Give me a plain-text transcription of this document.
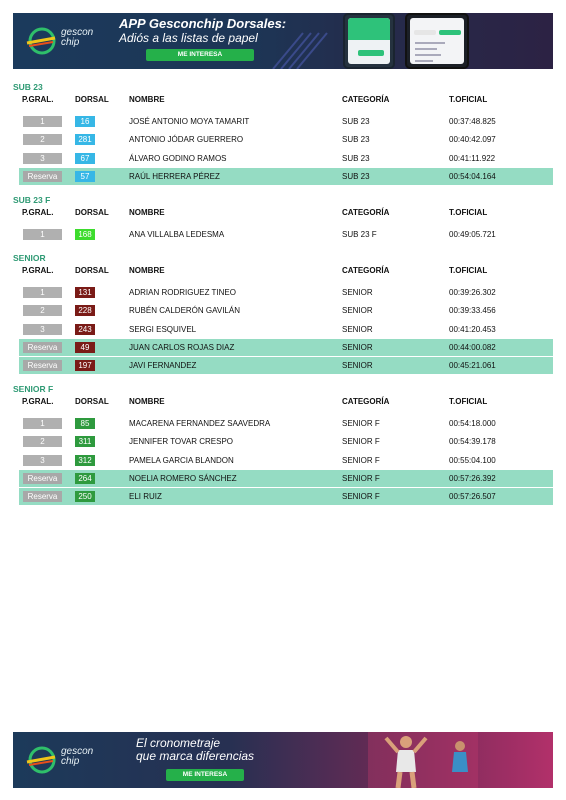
gescon
chip
APP Gesconchip Dorsales:
Adiós a las listas de papel
ME INTERESA
SUB 23
P.GRAL.	DORSAL	NOMBRE	CATEGORÍA	T.OFICIAL
1	16	JOSÉ ANTONIO MOYA TAMARIT	SUB 23	00:37:48.825
2	281	ANTONIO JÓDAR GUERRERO	SUB 23	00:40:42.097
3	67	ÁLVARO GODINO RAMOS	SUB 23	00:41:11.922
Reserva	57	RAÚL HERRERA PÉREZ	SUB 23	00:54:04.164
SUB 23 F
P.GRAL.	DORSAL	NOMBRE	CATEGORÍA	T.OFICIAL
1	168	ANA VILLALBA LEDESMA	SUB 23 F	00:49:05.721
SENIOR
P.GRAL.	DORSAL	NOMBRE	CATEGORÍA	T.OFICIAL
1	131	ADRIAN RODRIGUEZ TINEO	SENIOR	00:39:26.302
2	228	RUBÉN CALDERÓN GAVILÁN	SENIOR	00:39:33.456
3	243	SERGI ESQUIVEL	SENIOR	00:41:20.453
Reserva	49	JUAN CARLOS ROJAS DIAZ	SENIOR	00:44:00.082
Reserva	197	JAVI FERNANDEZ	SENIOR	00:45:21.061
SENIOR F
P.GRAL.	DORSAL	NOMBRE	CATEGORÍA	T.OFICIAL
1	85	MACARENA FERNANDEZ SAAVEDRA	SENIOR F	00:54:18.000
2	311	JENNIFER TOVAR CRESPO	SENIOR F	00:54:39.178
3	312	PAMELA GARCIA BLANDON	SENIOR F	00:55:04.100
Reserva	264	NOELIA ROMERO SÁNCHEZ	SENIOR F	00:57:26.392
Reserva	250	ELI RUIZ	SENIOR F	00:57:26.507
gescon
chip
El cronometraje
que marca diferencias
ME INTERESA
